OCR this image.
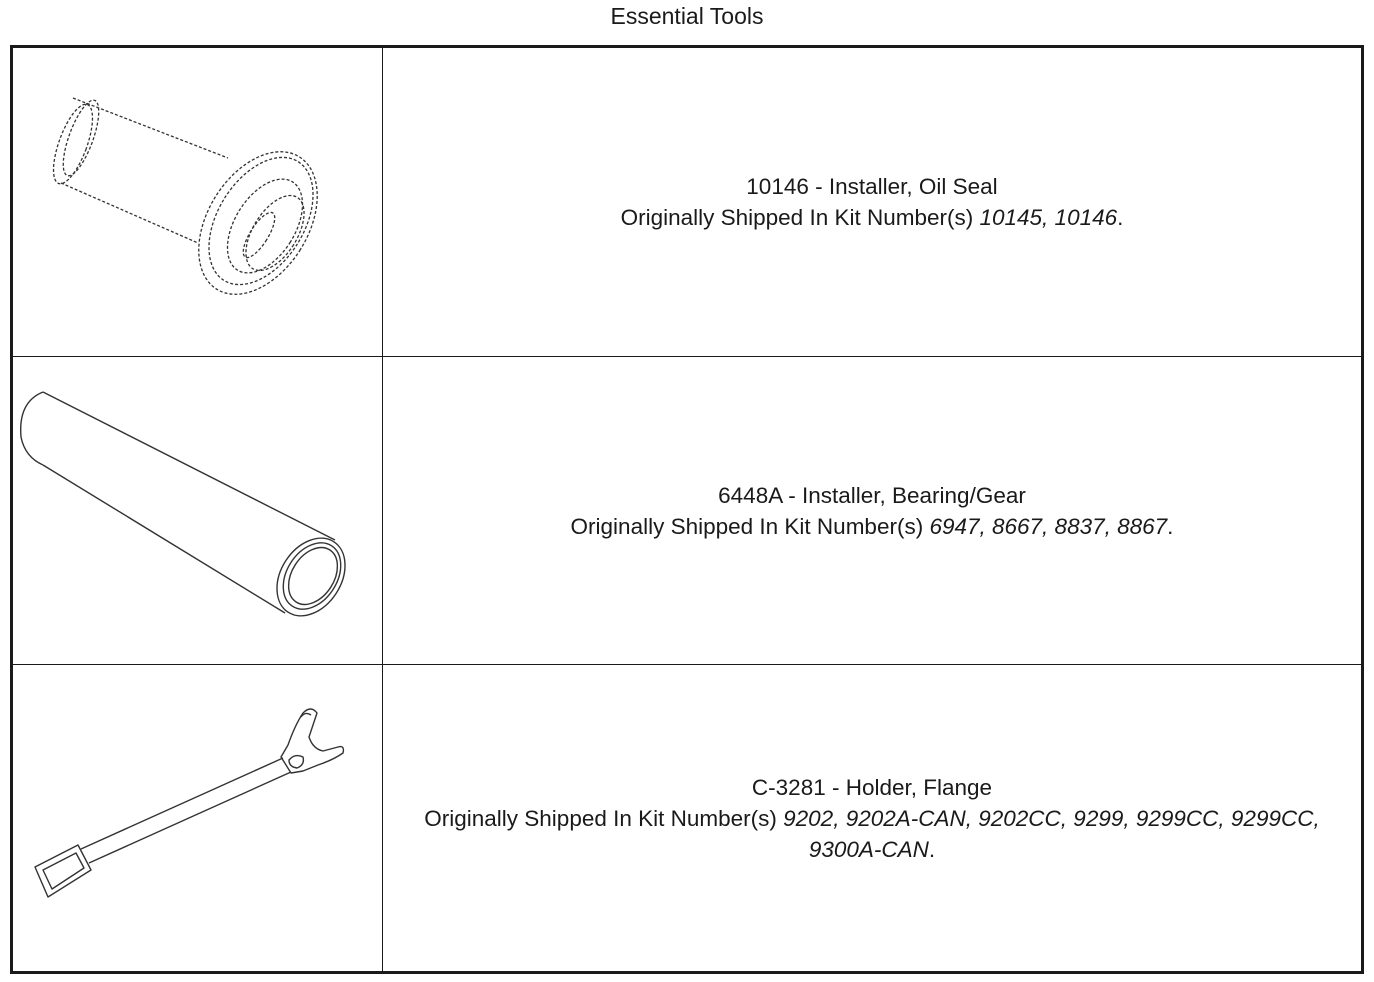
Essential Tools
10146 - Installer, Oil Seal
Originally Shipped In Kit Number(s) 10145, 10146.
6448A - Installer, Bearing/Gear
Originally Shipped In Kit Number(s) 6947, 8667, 8837, 8867.
C-3281 - Holder, Flange
Originally Shipped In Kit Number(s) 9202, 9202A-CAN, 9202CC, 9299, 9299CC, 9299CC, 9300A-CAN.
